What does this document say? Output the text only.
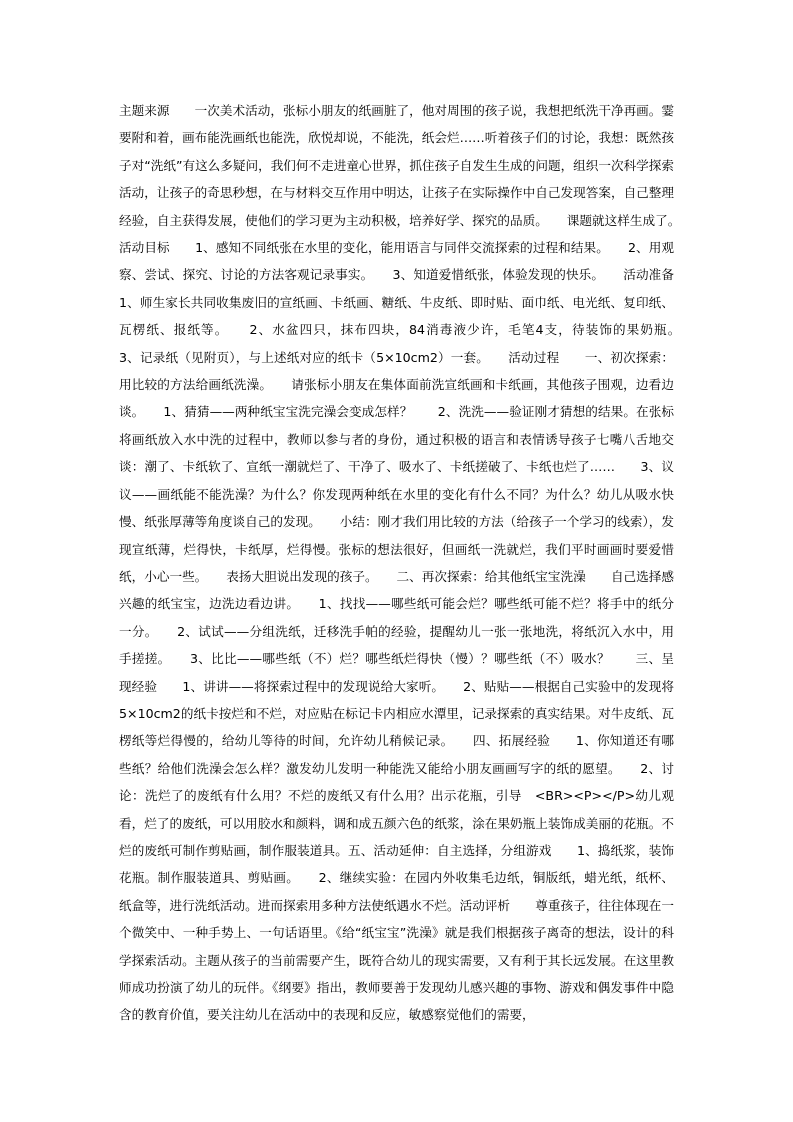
主题来源　　一次美术活动，张标小朋友的纸画脏了，他对周围的孩子说，我想把纸洗干净再画。霎要附和着，画布能洗画纸也能洗，欣悦却说，不能洗，纸会烂……听着孩子们的讨论，我想：既然孩子对“洗纸”有这么多疑问，我们何不走进童心世界，抓住孩子自发生生成的问题，组织一次科学探索活动，让孩子的奇思秒想，在与材料交互作用中明达，让孩子在实际操作中自己发现答案，自己整理经验，自主获得发展，使他们的学习更为主动积极，培养好学、探究的品质。　　课题就这样生成了。　　活动目标　　1、感知不同纸张在水里的变化，能用语言与同伴交流探索的过程和结果。　　2、用观察、尝试、探究、讨论的方法客观记录事实。　　3、知道爱惜纸张，体验发现的快乐。　　活动准备　　1、师生家长共同收集废旧的宣纸画、卡纸画、糖纸、牛皮纸、即时贴、面巾纸、电光纸、复印纸、瓦楞纸、报纸等。　　2、水盆四只，抹布四块，84消毒液少许，毛笔4支，待装饰的果奶瓶。　　3、记录纸（见附页），与上述纸对应的纸卡（5×10cm2）一套。　　活动过程　　一、初次探索：用比较的方法给画纸洗澡。　　请张标小朋友在集体面前洗宣纸画和卡纸画，其他孩子围观，边看边谈。　　1、猜猜——两种纸宝宝洗完澡会变成怎样？　　2、洗洗——验证刚才猜想的结果。在张标将画纸放入水中洗的过程中，教师以参与者的身份，通过积极的语言和表情诱导孩子七嘴八舌地交谈：潮了、卡纸软了、宣纸一潮就烂了、干净了、吸水了、卡纸搓破了、卡纸也烂了……　　3、议议——画纸能不能洗澡？为什么？你发现两种纸在水里的变化有什么不同？为什么？幼儿从吸水快慢、纸张厚薄等角度谈自己的发现。　　小结：刚才我们用比较的方法（给孩子一个学习的线索），发现宣纸薄，烂得快，卡纸厚，烂得慢。张标的想法很好，但画纸一洗就烂，我们平时画画时要爱惜纸，小心一些。　　表扬大胆说出发现的孩子。　　二、再次探索：给其他纸宝宝洗澡　　自己选择感兴趣的纸宝宝，边洗边看边讲。　　1、找找——哪些纸可能会烂？哪些纸可能不烂？将手中的纸分一分。　　2、试试——分组洗纸，迁移洗手帕的经验，提醒幼儿一张一张地洗，将纸沉入水中，用手搓搓。　　3、比比——哪些纸（不）烂？哪些纸烂得快（慢）？哪些纸（不）吸水？　　三、呈现经验　　1、讲讲——将探索过程中的发现说给大家听。　　2、贴贴——根据自己实验中的发现将5×10cm2的纸卡按烂和不烂，对应贴在标记卡内相应水潭里，记录探索的真实结果。对牛皮纸、瓦楞纸等烂得慢的，给幼儿等待的时间，允许幼儿稍候记录。　　四、拓展经验　　1、你知道还有哪些纸？给他们洗澡会怎么样？激发幼儿发明一种能洗又能给小朋友画画写字的纸的愿望。　　2、讨论：洗烂了的废纸有什么用？不烂的废纸又有什么用？出示花瓶，引导　<BR><P></P>幼儿观看，烂了的废纸，可以用胶水和颜料，调和成五颜六色的纸浆，涂在果奶瓶上装饰成美丽的花瓶。不烂的废纸可制作剪贴画，制作服装道具。五、活动延伸：自主选择，分组游戏　　1、捣纸浆，装饰花瓶。制作服装道具、剪贴画。　　2、继续实验：在园内外收集毛边纸，铜版纸，蜡光纸，纸杯、纸盒等，进行洗纸活动。进而探索用多种方法使纸遇水不烂。活动评析　　尊重孩子，往往体现在一个微笑中、一种手势上、一句话语里。《给“纸宝宝”洗澡》就是我们根据孩子离奇的想法，设计的科学探索活动。主题从孩子的当前需要产生，既符合幼儿的现实需要，又有利于其长远发展。在这里教师成功扮演了幼儿的玩伴。《纲要》指出，教师要善于发现幼儿感兴趣的事物、游戏和偶发事件中隐含的教育价值，要关注幼儿在活动中的表现和反应，敏感察觉他们的需要，
